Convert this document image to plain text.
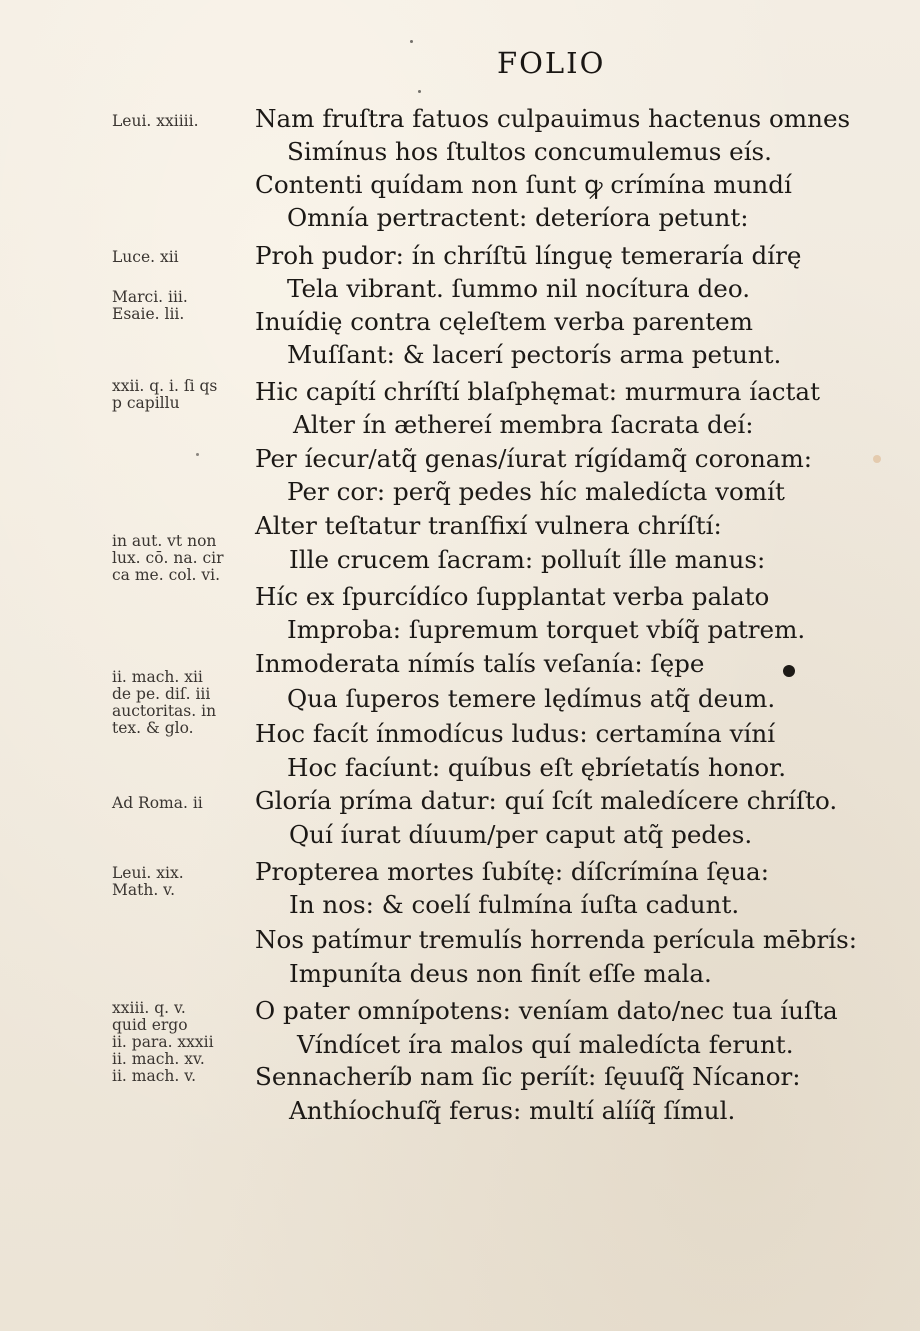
FOLIO
Nam fruſtra fatuos culpauimus hactenus omnes
Simínus hos ſtultos concumulemus eís.
Contenti quídam non ſunt ꝙ crímína mundí
Omnía pertractent: deteríora petunt:
Proh pudor: ín chríſtū línguę temeraría dírę
Tela vibrant. ſummo nil nocítura deo.
Inuídię contra cęleſtem verba parentem
Muſſant: & lacerí pectorís arma petunt.
Hic capítí chríſtí blaſphęmat: murmura íactat
Alter ín æthereí membra ſacrata deí:
Per íecur/atq̃ genas/íurat rígídamq̃ coronam:
Per cor: perq̃ pedes híc maledícta vomít
Alter teſtatur tranſfixí vulnera chríſtí:
Ille crucem ſacram: polluít ílle manus:
Híc ex ſpurcídíco ſupplantat verba palato
Improba: ſupremum torquet vbíq̃ patrem.
Inmoderata nímís talís veſanía: ſępe
Qua ſuperos temere lędímus atq̃ deum.
Hoc facít ínmodícus ludus: certamína víní
Hoc facíunt: quíbus eſt ębríetatís honor.
Gloría príma datur: quí ſcít maledícere chríſto.
Quí íurat díuum/per caput atq̃ pedes.
Propterea mortes ſubítę: díſcrímína ſęua:
In nos: & coelí fulmína íuſta cadunt.
Nos patímur tremulís horrenda perícula mēbrís:
Impuníta deus non finít eſſe mala.
O pater omnípotens: veníam dato/nec tua íuſta
Víndícet íra malos quí maledícta ferunt.
Sennacheríb nam ſic períít: ſęuuſq̃ Nícanor:
Anthíochuſq̃ ferus: multí alííq̃ ſímul.
Leui. xxiiii.
Luce. xii
Marci. iii.
Esaie. lii.
xxii. q. i. ſi qs
p capillu
in aut. vt non
lux. cō. na. cir
ca me. col. vi.
ii. mach. xii
de pe. diſ. iii
auctoritas. in
tex. & glo.
Ad Roma. ii
Leui. xix.
Math. v.
xxiii. q. v.
quid ergo
ii. para. xxxii
ii. mach. xv.
ii. mach. v.
